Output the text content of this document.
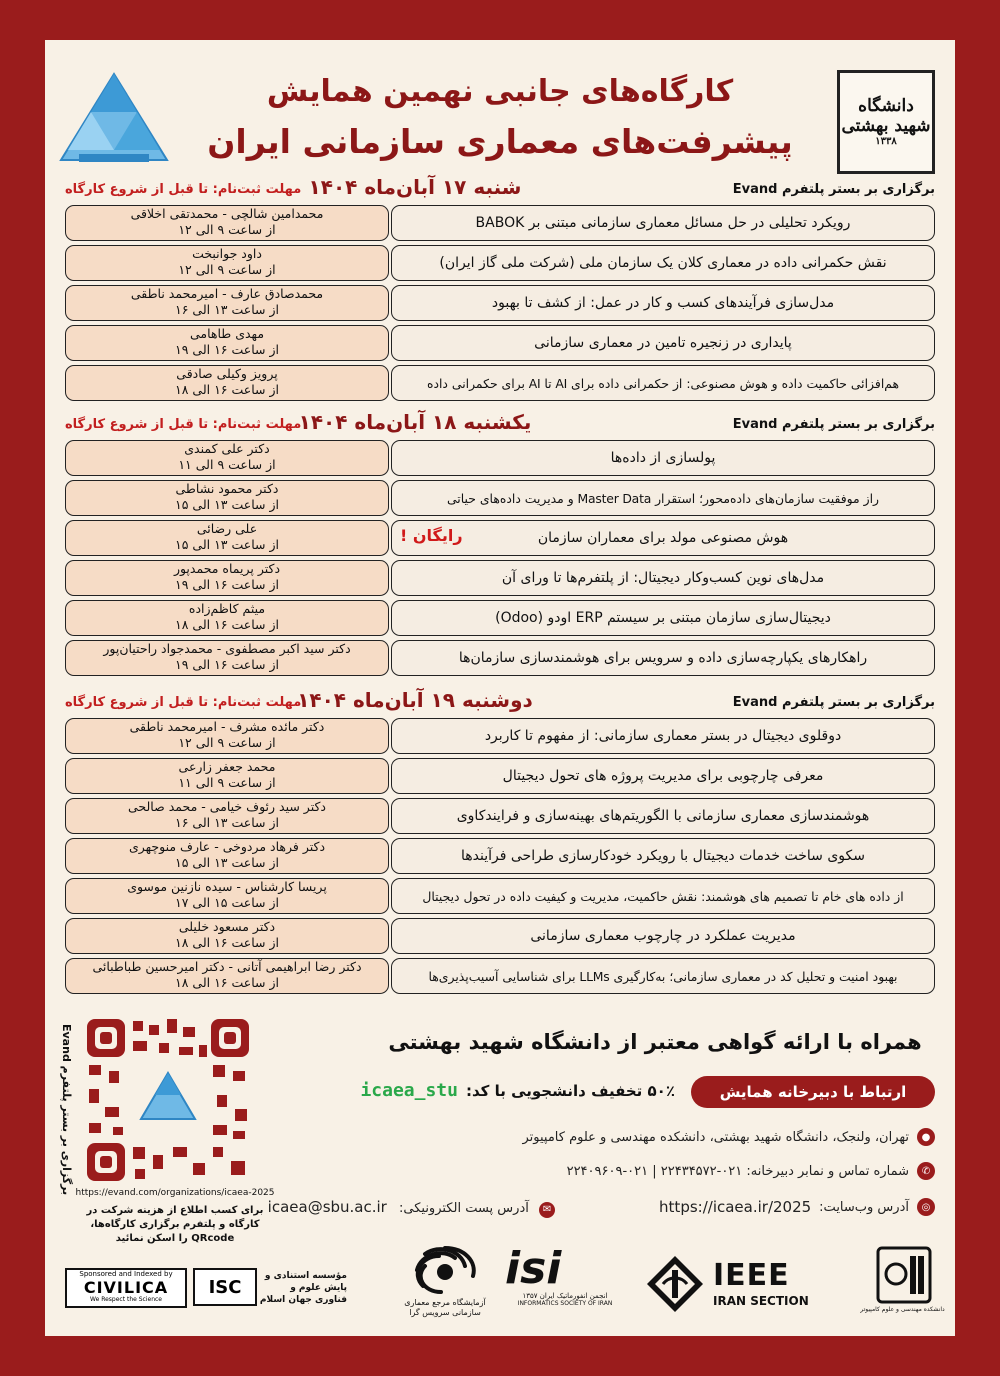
دانشگاه شهید بهشتی
۱۳۳۸
کارگاه‌های جانبی نهمین همایش
پیشرفت‌های معماری سازمانی ایران
برگزاری بر بستر پلتفرم Evand
شنبه ۱۷ آبان‌ماه ۱۴۰۴
مهلت ثبت‌نام: تا قبل از شروع کارگاه
رویکرد تحلیلی در حل مسائل معماری سازمانی مبتنی بر BABOK
محمدامین شالچی - محمدتقی اخلاقی
از ساعت ۹ الی ۱۲
نقش حکمرانی داده در معماری کلان یک سازمان ملی (شرکت ملی گاز ایران)
داود جوانبخت
از ساعت ۹ الی ۱۲
مدل‌سازی فرآیندهای کسب و کار در عمل: از کشف تا بهبود
محمدصادق عارف - امیرمحمد ناطقی
از ساعت ۱۳ الی ۱۶
پایداری در زنجیره تامین در معماری سازمانی
مهدی طاهامی
از ساعت ۱۶ الی ۱۹
هم‌افزائی حاکمیت داده و هوش مصنوعی: از حکمرانی داده برای AI تا AI برای حکمرانی داده
پرویز وکیلی صادقی
از ساعت ۱۶ الی ۱۸
برگزاری بر بستر پلتفرم Evand
یکشنبه ۱۸ آبان‌ماه ۱۴۰۴
مهلت ثبت‌نام: تا قبل از شروع کارگاه
پولسازی از داده‌ها
دکتر علی کمندی
از ساعت ۹ الی ۱۱
راز موفقیت سازمان‌های داده‌محور؛ استقرار Master Data و مدیریت داده‌های حیاتی
دکتر محمود نشاطی
از ساعت ۱۳ الی ۱۵
هوش مصنوعی مولد برای معماران سازمان
رایگان !
علی رضائی
از ساعت ۱۳ الی ۱۵
مدل‌های نوین کسب‌وکار دیجیتال: از پلتفرم‌ها تا ورای آن
دکتر پریماه محمدپور
از ساعت ۱۶ الی ۱۹
دیجیتال‌سازی سازمان مبتنی بر سیستم ERP اودو (Odoo)
میثم کاظم‌زاده
از ساعت ۱۶ الی ۱۸
راهکارهای یکپارچه‌سازی داده و سرویس برای هوشمندسازی سازمان‌ها
دکتر سید اکبر مصطفوی - محمدجواد راحتیان‌پور
از ساعت ۱۶ الی ۱۹
برگزاری بر بستر پلتفرم Evand
دوشنبه ۱۹ آبان‌ماه ۱۴۰۴
مهلت ثبت‌نام: تا قبل از شروع کارگاه
دوقلوی دیجیتال در بستر معماری سازمانی: از مفهوم تا کاربرد
دکتر مائده مشرف - امیرمحمد ناطقی
از ساعت ۹ الی ۱۲
معرفی چارچوبی برای مدیریت پروژه‌ های تحول دیجیتال
محمد جعفر زارعی
از ساعت ۹ الی ۱۱
هوشمندسازی معماری سازمانی با الگوریتم‌های بهینه‌سازی و فرایندکاوی
دکتر سید رئوف خیامی - محمد صالحی
از ساعت ۱۳ الی ۱۶
سکوی ساخت خدمات دیجیتال با رویکرد خودکارسازی طراحی فرآیندها
دکتر فرهاد مردوخی - عارف منوچهری
از ساعت ۱۳ الی ۱۵
از داده های خام تا تصمیم های هوشمند: نقش حاکمیت، مدیریت و کیفیت داده در تحول دیجیتال
پریسا کارشناس - سیده نازنین موسوی
از ساعت ۱۵ الی ۱۷
مدیریت عملکرد در چارچوب معماری سازمانی
دکتر مسعود خلیلی
از ساعت ۱۶ الی ۱۸
بهبود امنیت و تحلیل کد در معماری سازمانی؛ به‌کارگیری LLMs برای شناسایی آسیب‌پذیری‌ها
دکتر رضا ابراهیمی آتانی - دکتر امیرحسین طباطبائی
از ساعت ۱۶ الی ۱۸
همراه با ارائه گواهی معتبر از دانشگاه شهید بهشتی
ارتباط با دبیرخانه همایش
۵۰٪ تخفیف دانشجویی با کد:icaea_stu
●
تهران، ولنجک، دانشگاه شهید بهشتی، دانشکده مهندسی و علوم کامپیوتر
✆
شماره تماس و نمابر دبیرخانه: ۰۲۱-۲۲۴۳۴۵۷۲ | ۰۲۱-۲۲۴۰۹۶۰۹
◎
آدرس وب‌سایت:
https://icaea.ir/2025
✉ آدرس پست الکترونیکی: icaea@sbu.ac.ir
برگزاری بر بستر پلتفرم Evand https://evand.com/organizations/icaea-2025
برای کسب اطلاع از هزینه شرکت در کارگاه و پلتفرم برگزاری کارگاه‌ها، QRcode را اسکن نمائید
Sponsored and Indexed by
CIVILICA
We Respect the Science
ISC
مؤسسه استنادی و پایش علوم و فناوری جهان اسلام	آزمایشگاه مرجع معماری سازمانی سرویس گرا
isi
انجمن انفورماتیک ایران ۱۳۵۷
INFORMATICS SOCIETY OF IRAN
IEEE
IRAN SECTION
دانشکده مهندسی و علوم کامپیوتر
